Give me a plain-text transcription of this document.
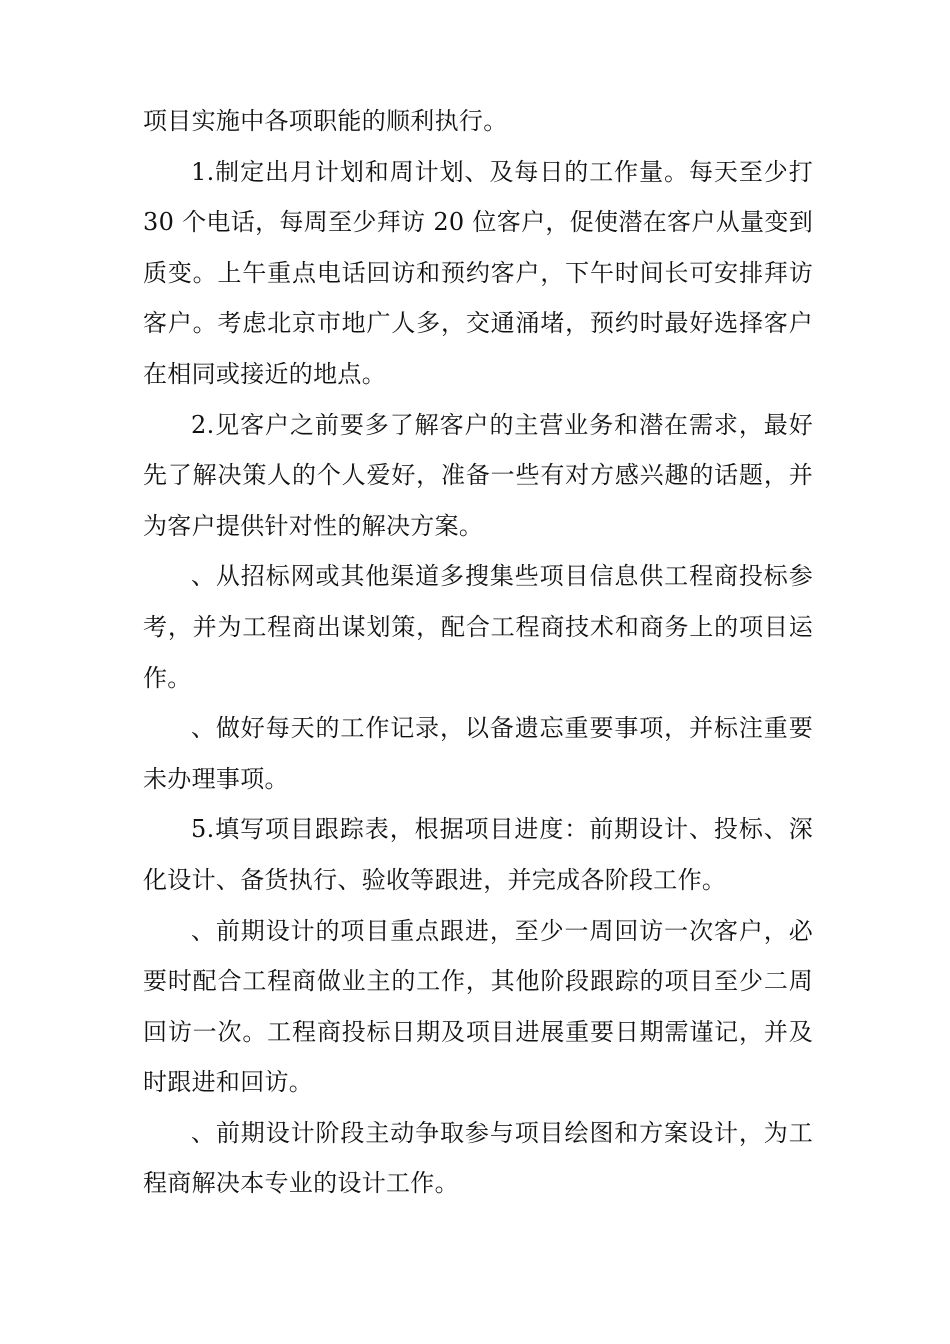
项目实施中各项职能的顺利执行。

1.制定出月计划和周计划、及每日的工作量。每天至少打 30 个电话，每周至少拜访 20 位客户，促使潜在客户从量变到质变。上午重点电话回访和预约客户，下午时间长可安排拜访客户。考虑北京市地广人多，交通涌堵，预约时最好选择客户在相同或接近的地点。

2.见客户之前要多了解客户的主营业务和潜在需求，最好先了解决策人的个人爱好，准备一些有对方感兴趣的话题，并为客户提供针对性的解决方案。

、从招标网或其他渠道多搜集些项目信息供工程商投标参考，并为工程商出谋划策，配合工程商技术和商务上的项目运作。

、做好每天的工作记录，以备遗忘重要事项，并标注重要未办理事项。

5.填写项目跟踪表，根据项目进度：前期设计、投标、深化设计、备货执行、验收等跟进，并完成各阶段工作。

、前期设计的项目重点跟进，至少一周回访一次客户，必要时配合工程商做业主的工作，其他阶段跟踪的项目至少二周回访一次。工程商投标日期及项目进展重要日期需谨记，并及时跟进和回访。

、前期设计阶段主动争取参与项目绘图和方案设计，为工程商解决本专业的设计工作。
